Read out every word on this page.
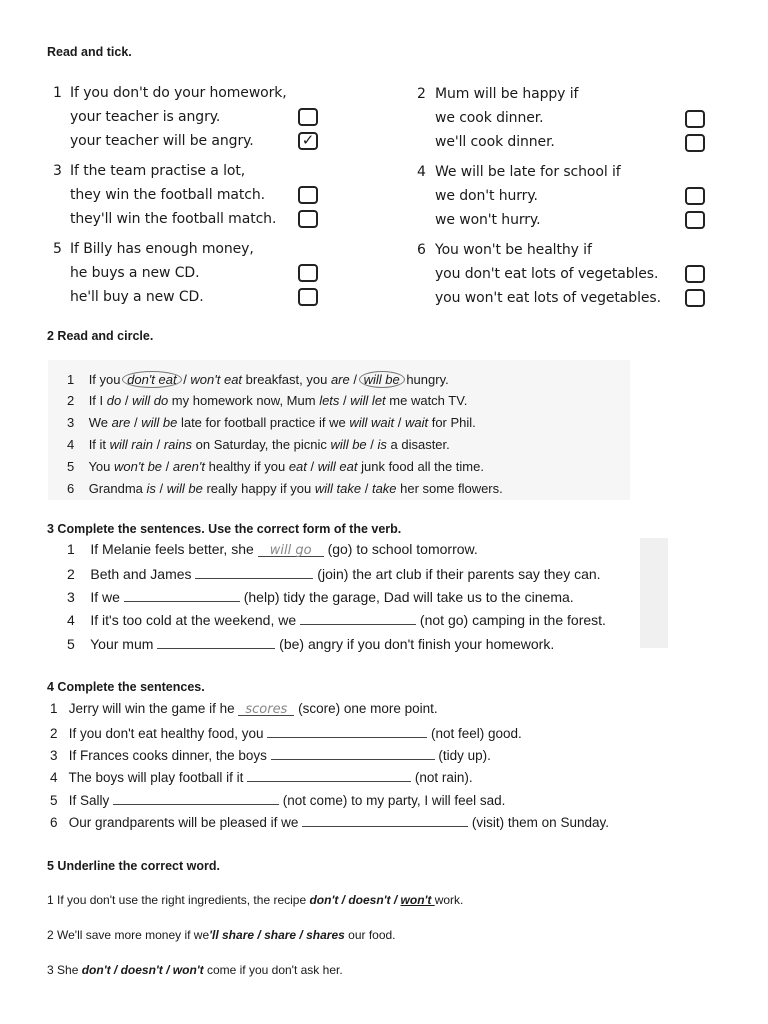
Read and tick.
1 If you don't do your homework,
your teacher is angry.
your teacher will be angry.	✓
2 Mum will be happy if
we cook dinner.
we'll cook dinner.
3 If the team practise a lot,
they win the football match.
they'll win the football match.
4 We will be late for school if
we don't hurry.
we won't hurry.
5 If Billy has enough money,
he buys a new CD.
he'll buy a new CD.
6 You won't be healthy if
you don't eat lots of vegetables.
you won't eat lots of vegetables.
2 Read and circle.
1 If you don't eat / won't eat breakfast, you are / will be hungry.
2 If I do / will do my homework now, Mum lets / will let me watch TV.
3 We are / will be late for football practice if we will wait / wait for Phil.
4 If it will rain / rains on Saturday, the picnic will be / is a disaster.
5 You won't be / aren't healthy if you eat / will eat junk food all the time.
6 Grandma is / will be really happy if you will take / take her some flowers.
3 Complete the sentences. Use the correct form of the verb.
1 If Melanie feels better, she will go (go) to school tomorrow.
2 Beth and James	(join) the art club if their parents say they can.
3 If we	(help) tidy the garage, Dad will take us to the cinema.
4 If it's too cold at the weekend, we	(not go) camping in the forest.
5 Your mum	(be) angry if you don't finish your homework.
4 Complete the sentences.
1 Jerry will win the game if he scores (score) one more point.
2 If you don't eat healthy food, you	(not feel) good.
3 If Frances cooks dinner, the boys	(tidy up).
4 The boys will play football if it	(not rain).
5 If Sally	(not come) to my party, I will feel sad.
6 Our grandparents will be pleased if we	(visit) them on Sunday.
5 Underline the correct word.
1 If you don't use the right ingredients, the recipe don't / doesn't / won't work.
2 We'll save more money if we'll share / share / shares our food.
3 She don't / doesn't / won't come if you don't ask her.
